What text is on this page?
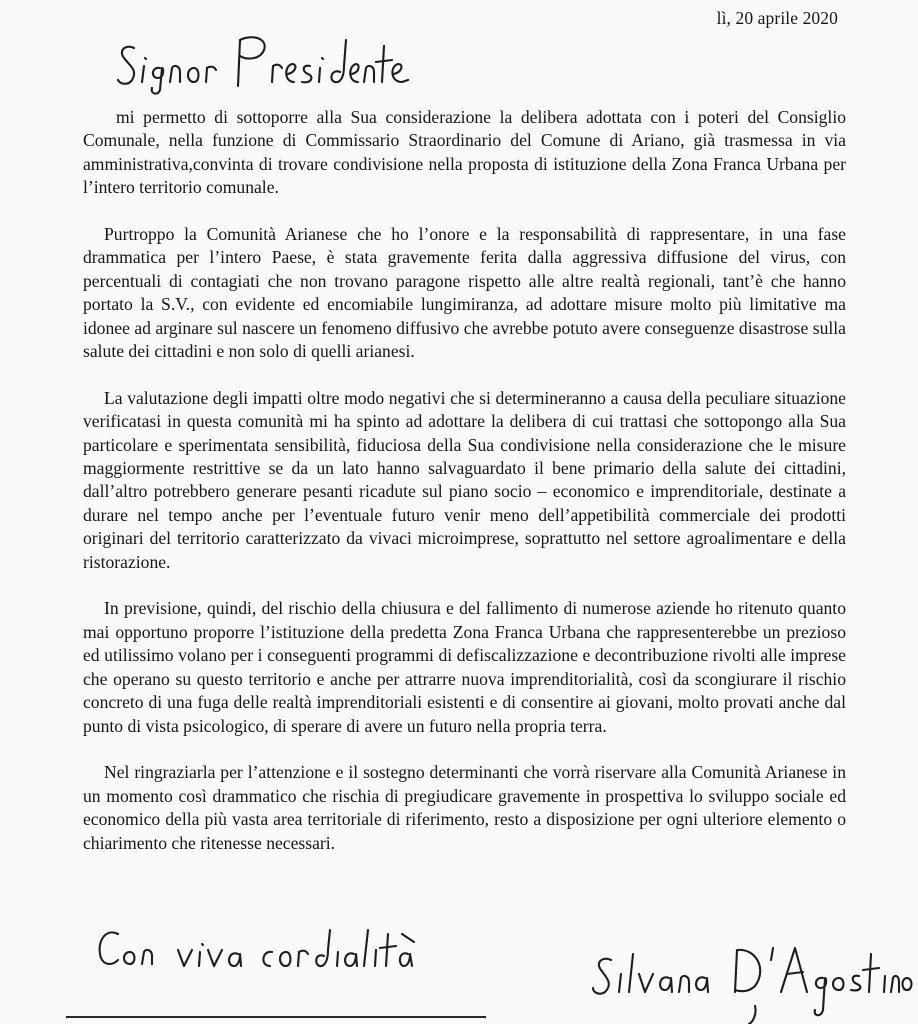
lì, 20 aprile 2020

mi permetto di sottoporre alla Sua considerazione la delibera adottata con i poteri del Consiglio Comunale, nella funzione di Commissario Straordinario del Comune di Ariano, già trasmessa in via amministrativa,convinta di trovare condivisione nella proposta di istituzione della Zona Franca Urbana per l’intero territorio comunale.

Purtroppo la Comunità Arianese che ho l’onore e la responsabilità di rappresentare, in una fase drammatica per l’intero Paese, è stata gravemente ferita dalla aggressiva diffusione del virus, con percentuali di contagiati che non trovano paragone rispetto alle altre realtà regionali, tant’è che hanno portato la S.V., con evidente ed encomiabile lungimiranza, ad adottare misure molto più limitative ma idonee ad arginare sul nascere un fenomeno diffusivo che avrebbe potuto avere conseguenze disastrose sulla salute dei cittadini e non solo di quelli arianesi.

La valutazione degli impatti oltre modo negativi che si determineranno a causa della peculiare situazione verificatasi in questa comunità mi ha spinto ad adottare la delibera di cui trattasi che sottopongo alla Sua particolare e sperimentata sensibilità, fiduciosa della Sua condivisione nella considerazione che le misure maggiormente restrittive se da un lato hanno salvaguardato il bene primario della salute dei cittadini, dall’altro potrebbero generare pesanti ricadute sul piano socio – economico e imprenditoriale, destinate a durare nel tempo anche per l’eventuale futuro venir meno dell’appetibilità commerciale dei prodotti originari del territorio caratterizzato da vivaci microimprese, soprattutto nel settore agroalimentare e della ristorazione.

In previsione, quindi, del rischio della chiusura e del fallimento di numerose aziende ho ritenuto quanto mai opportuno proporre l’istituzione della predetta Zona Franca Urbana che rappresenterebbe un prezioso ed utilissimo volano per i conseguenti programmi di defiscalizzazione e decontribuzione rivolti alle imprese che operano su questo territorio e anche per attrarre nuova imprenditorialità, così da scongiurare il rischio concreto di una fuga delle realtà imprenditoriali esistenti e di consentire ai giovani, molto provati anche dal punto di vista psicologico, di sperare di avere un futuro nella propria terra.

Nel ringraziarla per l’attenzione e il sostegno determinanti che vorrà riservare alla Comunità Arianese in un momento così drammatico che rischia di pregiudicare gravemente in prospettiva lo sviluppo sociale ed economico della più vasta area territoriale di riferimento, resto a disposizione per ogni ulteriore elemento o chiarimento che ritenesse necessari.
